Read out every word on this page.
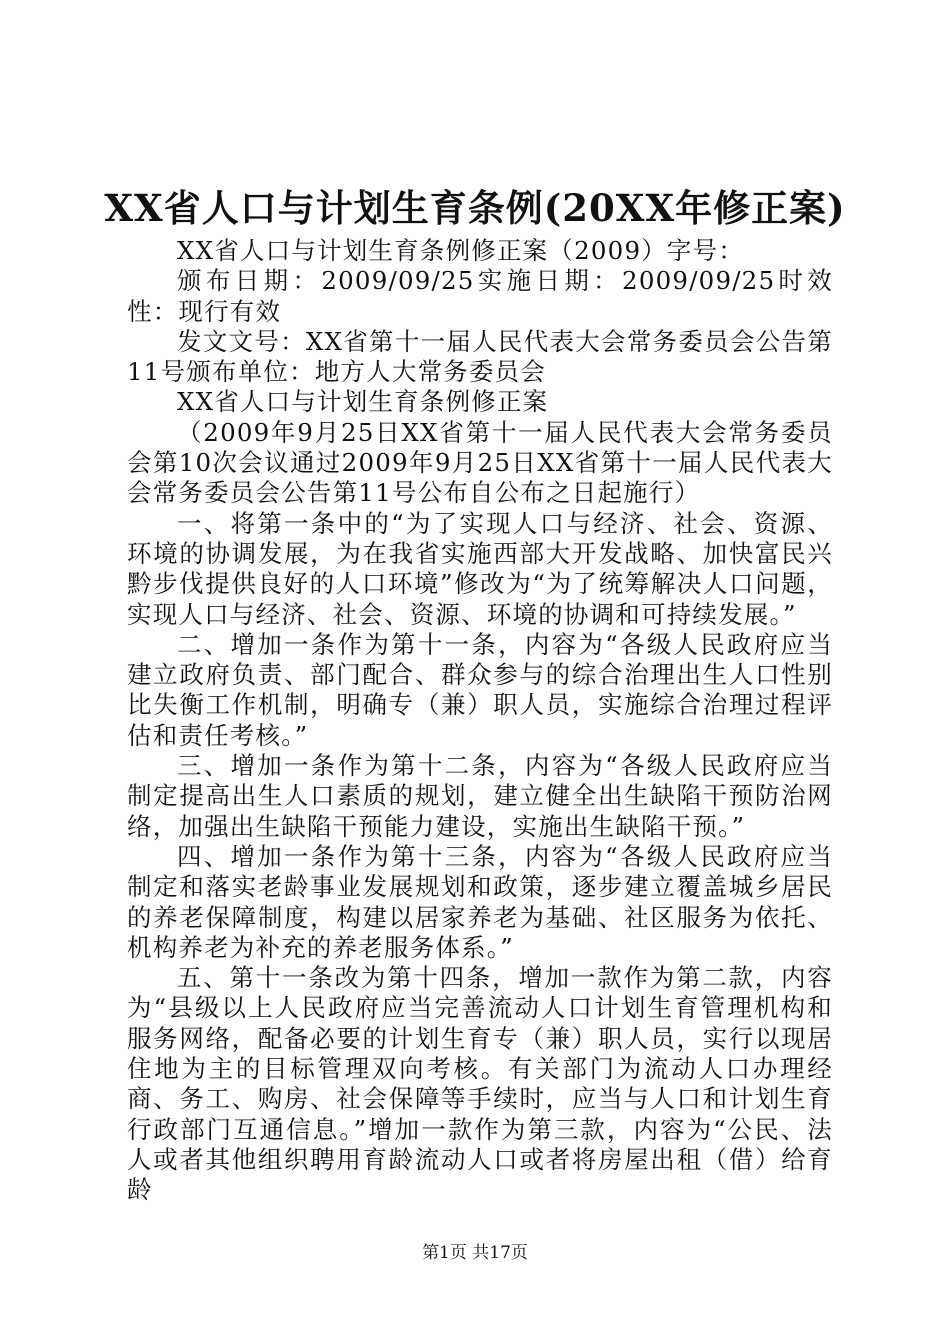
XX省人口与计划生育条例(20XX年修正案)

XX省人口与计划生育条例修正案（2009）字号：

颁布日期：2009/09/25实施日期：2009/09/25时效性：现行有效

发文文号：XX省第十一届人民代表大会常务委员会公告第11号颁布单位：地方人大常务委员会

XX省人口与计划生育条例修正案

（2009年9月25日XX省第十一届人民代表大会常务委员会第10次会议通过2009年9月25日XX省第十一届人民代表大会常务委员会公告第11号公布自公布之日起施行）

一、将第一条中的“为了实现人口与经济、社会、资源、环境的协调发展，为在我省实施西部大开发战略、加快富民兴黔步伐提供良好的人口环境”修改为“为了统筹解决人口问题，实现人口与经济、社会、资源、环境的协调和可持续发展。”

二、增加一条作为第十一条，内容为“各级人民政府应当建立政府负责、部门配合、群众参与的综合治理出生人口性别比失衡工作机制，明确专（兼）职人员，实施综合治理过程评估和责任考核。”

三、增加一条作为第十二条，内容为“各级人民政府应当制定提高出生人口素质的规划，建立健全出生缺陷干预防治网络，加强出生缺陷干预能力建设，实施出生缺陷干预。”

四、增加一条作为第十三条，内容为“各级人民政府应当制定和落实老龄事业发展规划和政策，逐步建立覆盖城乡居民的养老保障制度，构建以居家养老为基础、社区服务为依托、机构养老为补充的养老服务体系。”

五、第十一条改为第十四条，增加一款作为第二款，内容为“县级以上人民政府应当完善流动人口计划生育管理机构和服务网络，配备必要的计划生育专（兼）职人员，实行以现居住地为主的目标管理双向考核。有关部门为流动人口办理经商、务工、购房、社会保障等手续时，应当与人口和计划生育行政部门互通信息。”增加一款作为第三款，内容为“公民、法人或者其他组织聘用育龄流动人口或者将房屋出租（借）给育龄

第1页 共17页
